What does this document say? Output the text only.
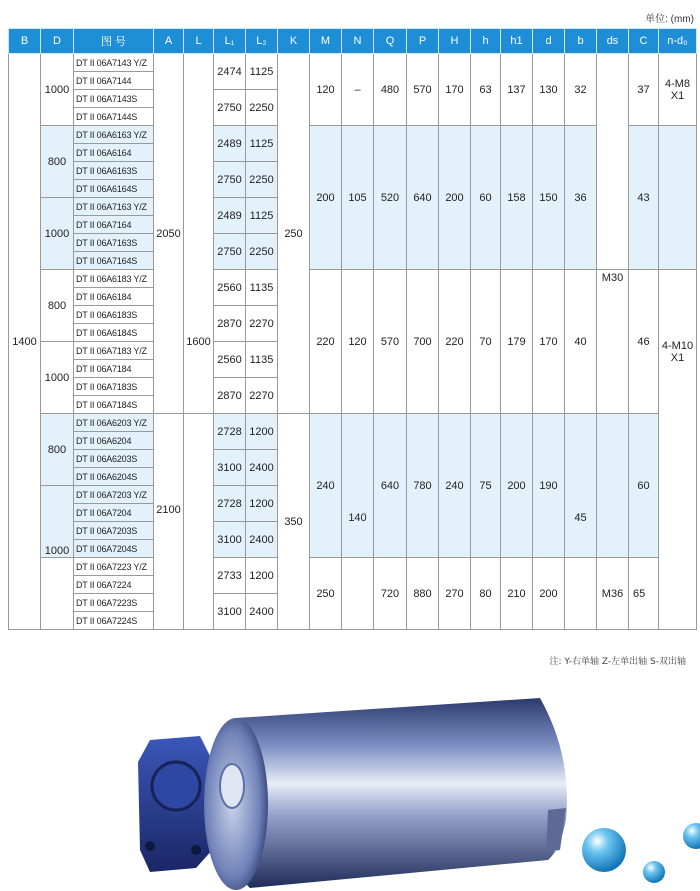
单位: (mm)
B	D	图 号	A	L	L₁	L₂	K	M	N	Q	P	H	h	h1	d	b	ds	C	n-d₀
1400	1000	DT II 06A7143 Y/Z	2050		2474	1125	250	120	–	480	570	170	63	137	130	32		37	4-M8
X1
		DT II 06A7144																	
		DT II 06A7143S			2750	2250													
		DT II 06A7144S																	
	800	DT II 06A6163 Y/Z			2489	1125		200	105	520	640	200	60	158	150	36		43	
		DT II 06A6164																	
		DT II 06A6163S			2750	2250													
		DT II 06A6164S																	
	1000	DT II 06A7163 Y/Z			2489	1125													
		DT II 06A7164																	
		DT II 06A7163S			2750	2250													
		DT II 06A7164S																	
	800	DT II 06A6183 Y/Z			2560	1135		220	120	570	700	220	70	179	170	40	M30	46	4-M10
X1
		DT II 06A6184																	
		DT II 06A6183S			2870	2270													
		DT II 06A6184S																	
	1000	DT II 06A7183 Y/Z			2560	1135													
		DT II 06A7184																	
		DT II 06A7183S			2870	2270													
		DT II 06A7184S																	
	800	DT II 06A6203 Y/Z	2100	1600	2728	1200	350	240	140	640	780	240	75	200	190	45		60	
		DT II 06A6204																	
		DT II 06A6203S			3100	2400													
		DT II 06A6204S																	
	1000	DT II 06A7203 Y/Z			2728	1200													
		DT II 06A7204																	
		DT II 06A7203S			3100	2400													
		DT II 06A7204S																	
		DT II 06A7223 Y/Z			2733	1200		250		720	880	270	80	210	200		M36	65	
		DT II 06A7224																	
		DT II 06A7223S			3100	2400													
		DT II 06A7224S																	
注: Y-右单轴 Z-左单出轴 S-双出轴
